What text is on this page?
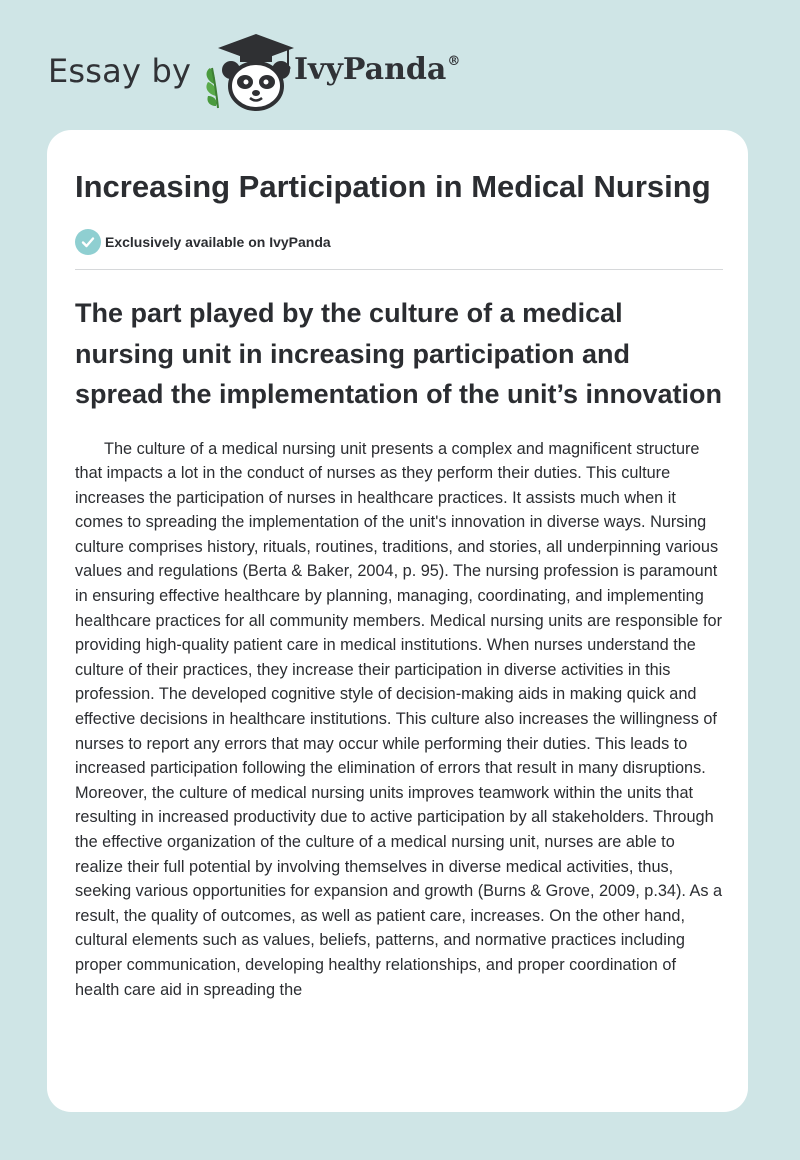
Essay by	IvyPanda®
Increasing Participation in Medical Nursing
Exclusively available on IvyPanda
The part played by the culture of a medical nursing unit in increasing participation and spread the implementation of the unit’s innovation

The culture of a medical nursing unit presents a complex and magnificent structure that impacts a lot in the conduct of nurses as they perform their duties. This culture increases the participation of nurses in healthcare practices. It assists much when it comes to spreading the implementation of the unit's innovation in diverse ways. Nursing culture comprises history, rituals, routines, traditions, and stories, all underpinning various values and regulations (Berta & Baker, 2004, p. 95). The nursing profession is paramount in ensuring effective healthcare by planning, managing, coordinating, and implementing healthcare practices for all community members. Medical nursing units are responsible for providing high-quality patient care in medical institutions. When nurses understand the culture of their practices, they increase their participation in diverse activities in this profession. The developed cognitive style of decision-making aids in making quick and effective decisions in healthcare institutions. This culture also increases the willingness of nurses to report any errors that may occur while performing their duties. This leads to increased participation following the elimination of errors that result in many disruptions. Moreover, the culture of medical nursing units improves teamwork within the units that resulting in increased productivity due to active participation by all stakeholders. Through the effective organization of the culture of a medical nursing unit, nurses are able to realize their full potential by involving themselves in diverse medical activities, thus, seeking various opportunities for expansion and growth (Burns & Grove, 2009, p.34). As a result, the quality of outcomes, as well as patient care, increases. On the other hand, cultural elements such as values, beliefs, patterns, and normative practices including proper communication, developing healthy relationships, and proper coordination of health care aid in spreading the
